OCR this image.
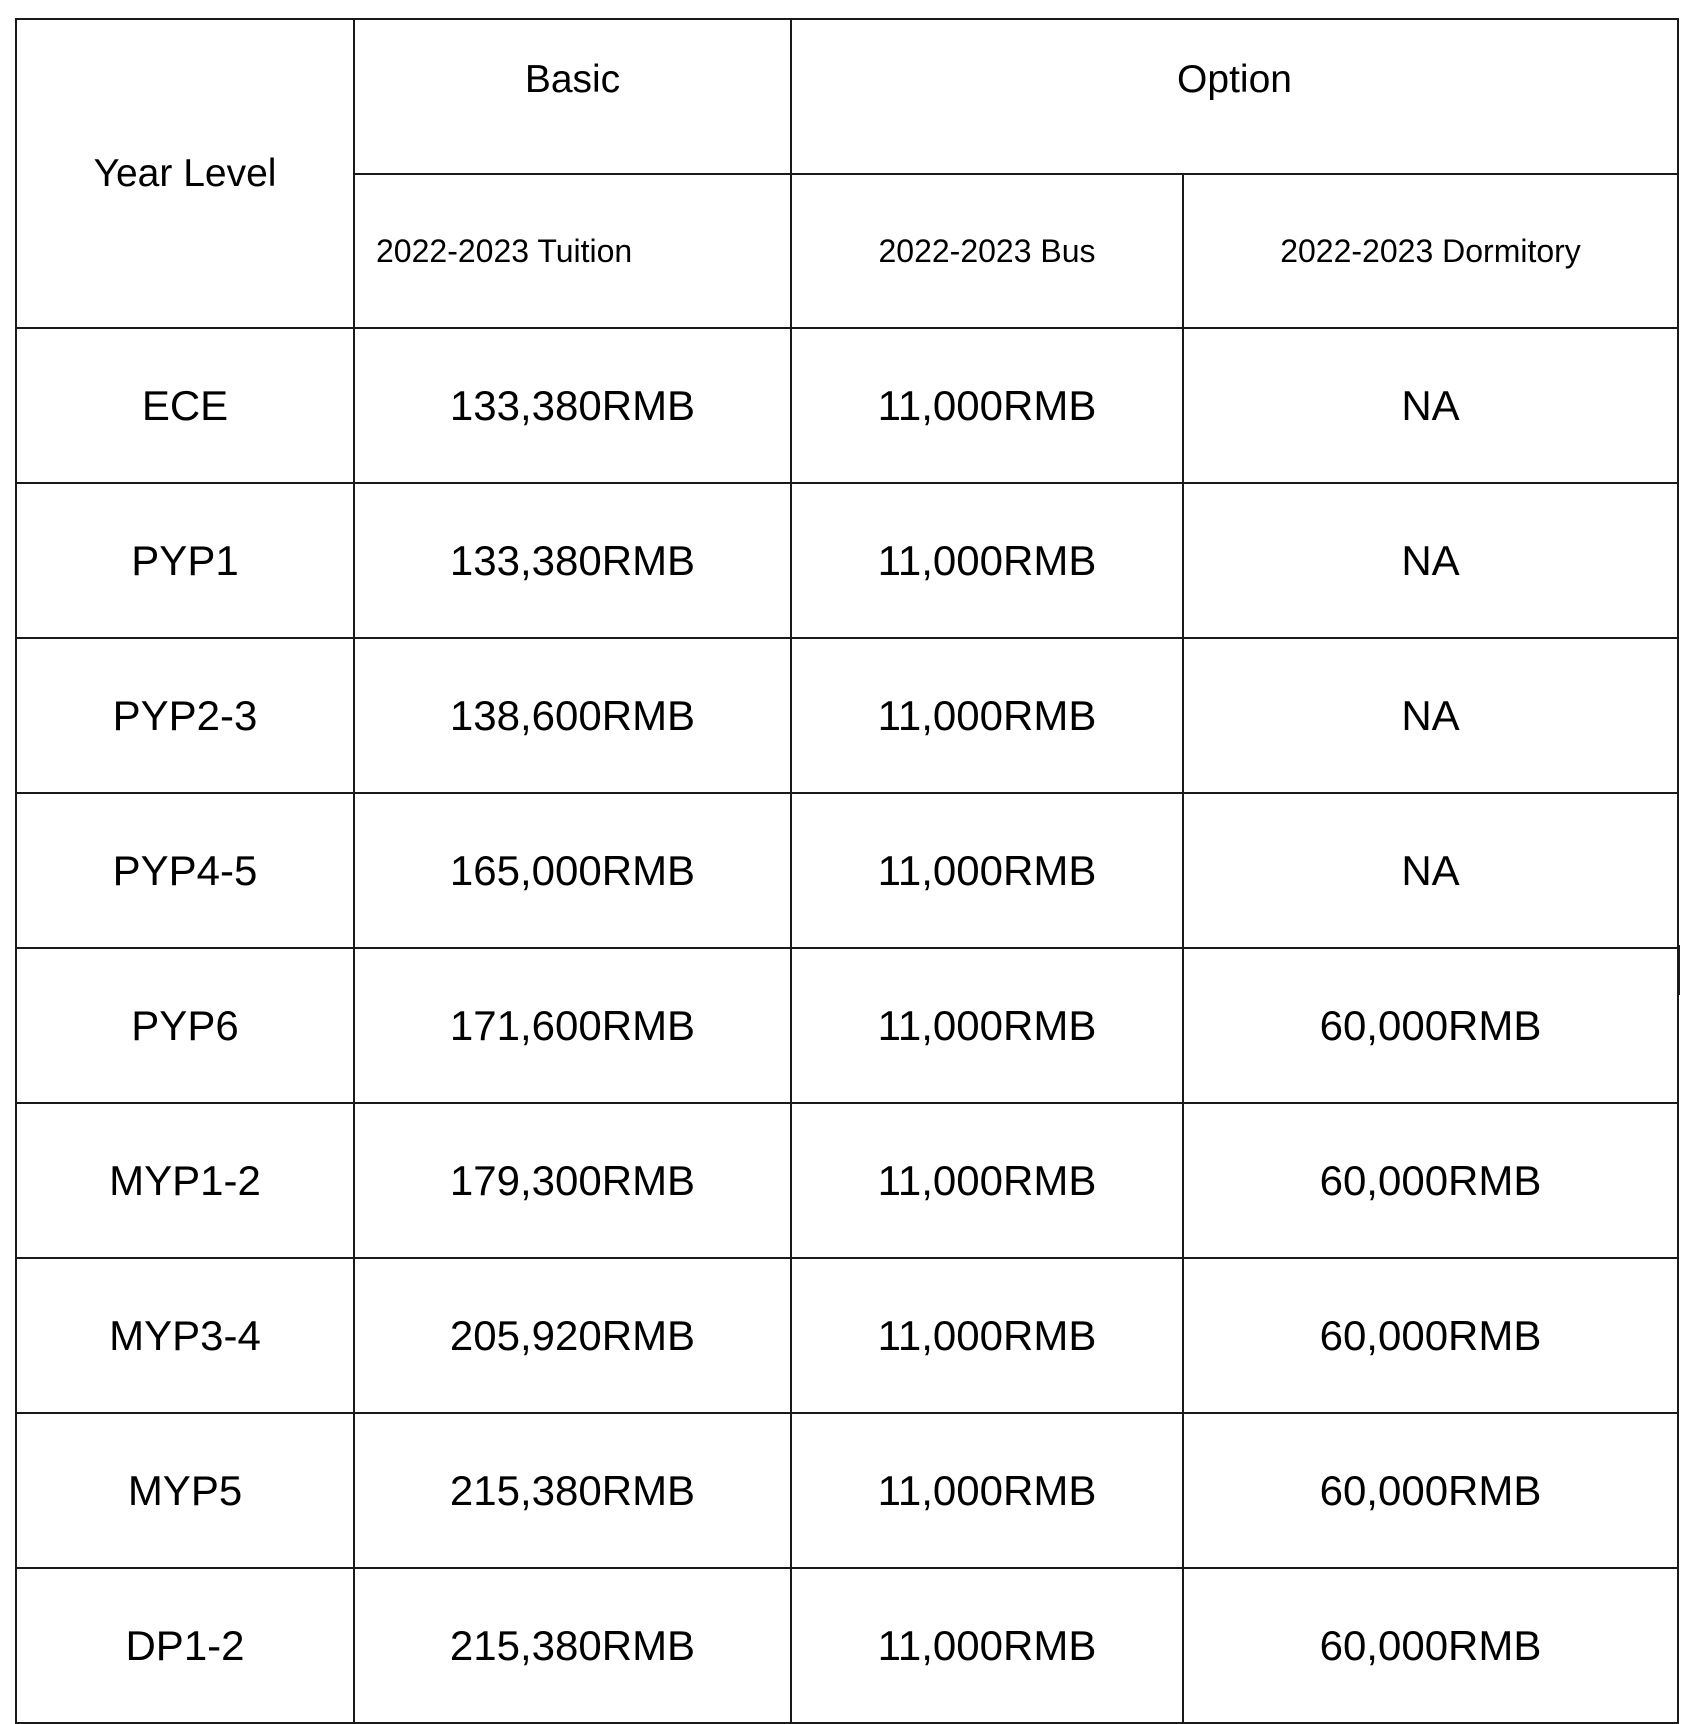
Year Level	Basic	Option	
	2022-2023 Tuition	2022-2023 Bus	2022-2023 Dormitory
ECE	133,380RMB	11,000RMB	NA
PYP1	133,380RMB	11,000RMB	NA
PYP2-3	138,600RMB	11,000RMB	NA
PYP4-5	165,000RMB	11,000RMB	NA
PYP6	171,600RMB	11,000RMB	60,000RMB
MYP1-2	179,300RMB	11,000RMB	60,000RMB
MYP3-4	205,920RMB	11,000RMB	60,000RMB
MYP5	215,380RMB	11,000RMB	60,000RMB
DP1-2	215,380RMB	11,000RMB	60,000RMB
